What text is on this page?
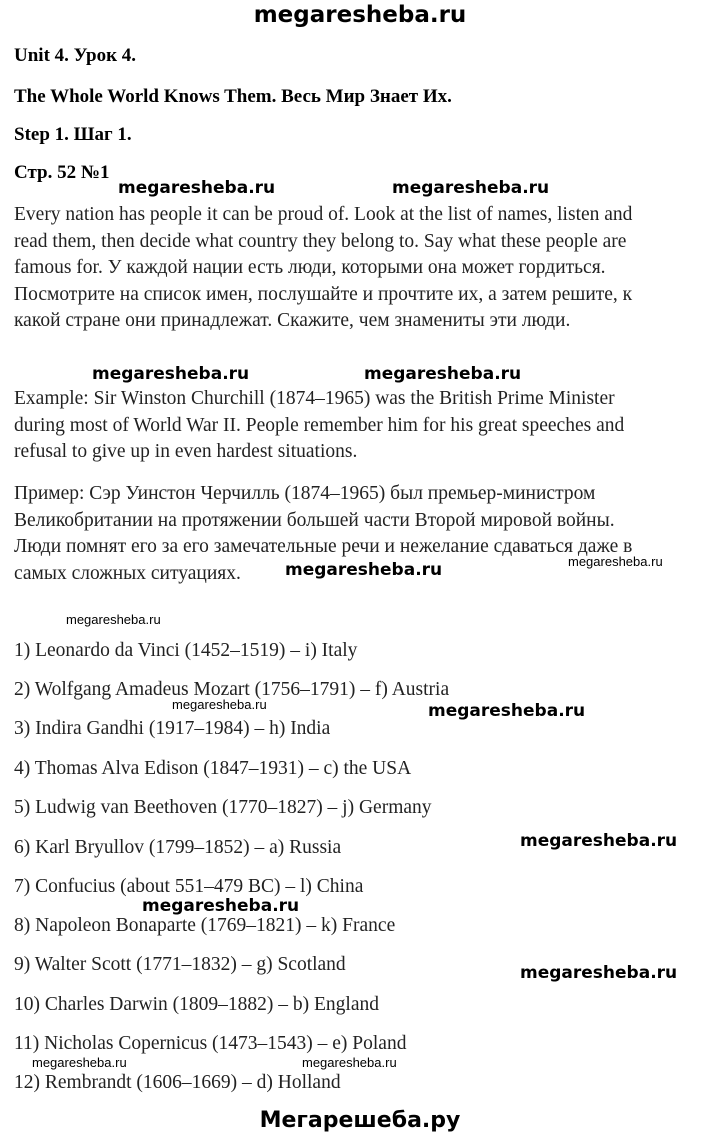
megaresheba.ru
Unit 4. Урок 4.
The Whole World Knows Them. Весь Мир Знает Их.
Step 1. Шаг 1.
Стр. 52 №1
Every nation has people it can be proud of. Look at the list of names, listen and
read them, then decide what country they belong to. Say what these people are
famous for. У каждой нации есть люди, которыми она может гордиться.
Посмотрите на список имен, послушайте и прочтите их, а затем решите, к
какой стране они принадлежат. Скажите, чем знамениты эти люди.
Example: Sir Winston Churchill (1874–1965) was the British Prime Minister
during most of World War II. People remember him for his great speeches and
refusal to give up in even hardest situations.
Пример: Сэр Уинстон Черчилль (1874–1965) был премьер-министром
Великобритании на протяжении большей части Второй мировой войны.
Люди помнят его за его замечательные речи и нежелание сдаваться даже в
самых сложных ситуациях.
1) Leonardo da Vinci (1452–1519) – i) Italy
2) Wolfgang Amadeus Mozart (1756–1791) – f) Austria
3) Indira Gandhi (1917–1984) – h) India
4) Thomas Alva Edison (1847–1931) – c) the USA
5) Ludwig van Beethoven (1770–1827) – j) Germany
6) Karl Bryullov (1799–1852) – a) Russia
7) Confucius (about 551–479 BC) – l) China
8) Napoleon Bonaparte (1769–1821) – k) France
9) Walter Scott (1771–1832) – g) Scotland
10) Charles Darwin (1809–1882) – b) England
11) Nicholas Copernicus (1473–1543) – e) Poland
12) Rembrandt (1606–1669) – d) Holland
megaresheba.ru	megaresheba.ru
megaresheba.ru	megaresheba.ru
megaresheba.ru
megaresheba.ru
megaresheba.ru
megaresheba.ru
megaresheba.ru
megaresheba.ru
megaresheba.ru
megaresheba.ru
megaresheba.ru	megaresheba.ru
Мегарешеба.ру
